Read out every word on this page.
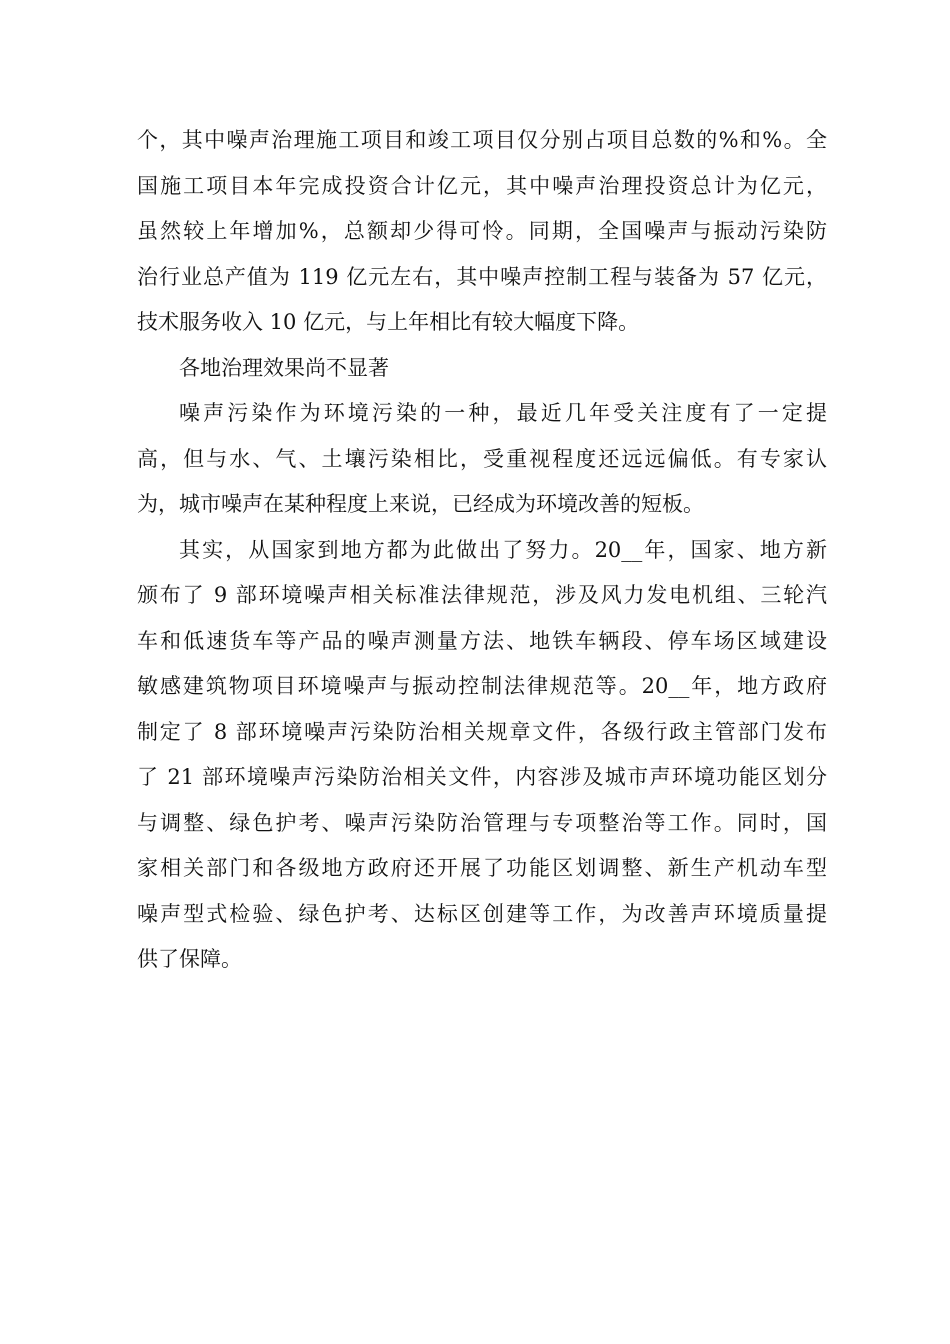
个，其中噪声治理施工项目和竣工项目仅分别占项目总数的%和%。全
国施工项目本年完成投资合计亿元，其中噪声治理投资总计为亿元，
虽然较上年增加%，总额却少得可怜。同期，全国噪声与振动污染防
治行业总产值为 119 亿元左右，其中噪声控制工程与装备为 57 亿元，
技术服务收入 10 亿元，与上年相比有较大幅度下降。
各地治理效果尚不显著
噪声污染作为环境污染的一种，最近几年受关注度有了一定提
高，但与水、气、土壤污染相比，受重视程度还远远偏低。有专家认
为，城市噪声在某种程度上来说，已经成为环境改善的短板。
其实，从国家到地方都为此做出了努力。20__年，国家、地方新
颁布了 9 部环境噪声相关标准法律规范，涉及风力发电机组、三轮汽
车和低速货车等产品的噪声测量方法、地铁车辆段、停车场区域建设
敏感建筑物项目环境噪声与振动控制法律规范等。20__年，地方政府
制定了 8 部环境噪声污染防治相关规章文件，各级行政主管部门发布
了 21 部环境噪声污染防治相关文件，内容涉及城市声环境功能区划分
与调整、绿色护考、噪声污染防治管理与专项整治等工作。同时，国
家相关部门和各级地方政府还开展了功能区划调整、新生产机动车型
噪声型式检验、绿色护考、达标区创建等工作，为改善声环境质量提
供了保障。
